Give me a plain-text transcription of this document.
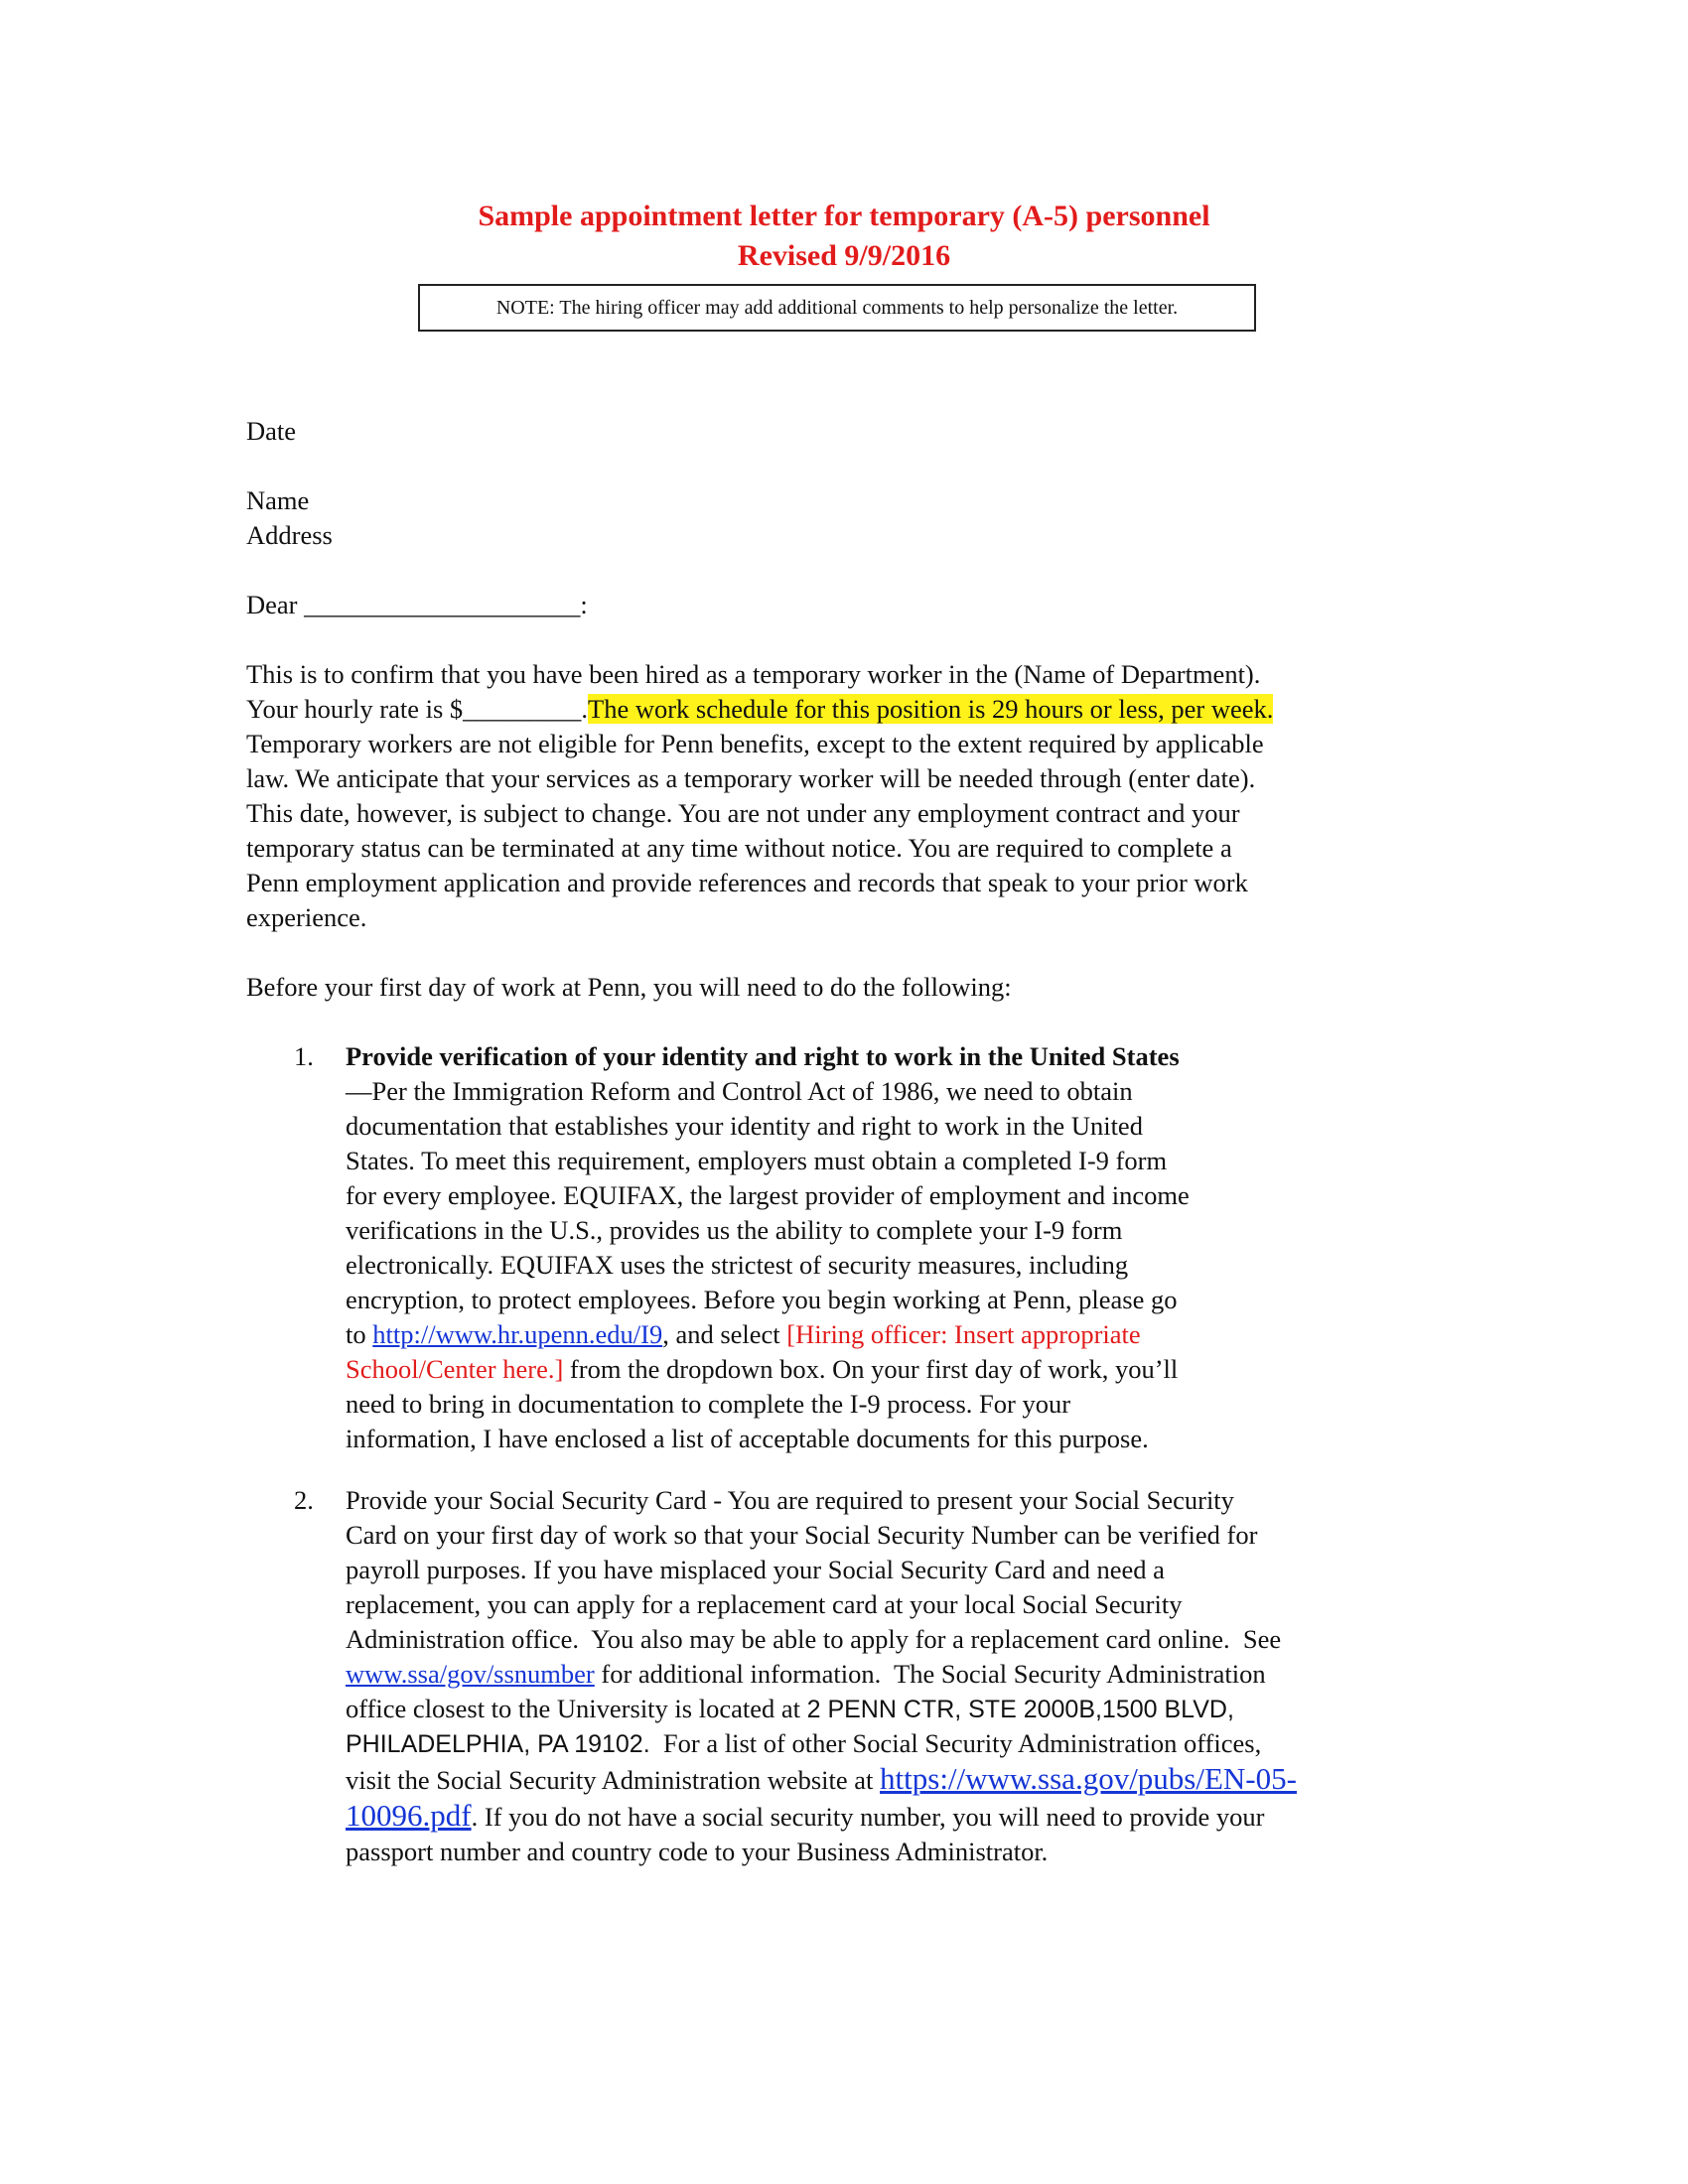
Sample appointment letter for temporary (A-5) personnel
Revised 9/9/2016
NOTE: The hiring officer may add additional comments to help personalize the letter.
Date
Name
Address
Dear _____________________:
This is to confirm that you have been hired as a temporary worker in the (Name of Department).
Your hourly rate is $_________.The work schedule for this position is 29 hours or less, per week.
Temporary workers are not eligible for Penn benefits, except to the extent required by applicable
law. We anticipate that your services as a temporary worker will be needed through (enter date).
This date, however, is subject to change. You are not under any employment contract and your
temporary status can be terminated at any time without notice. You are required to complete a
Penn employment application and provide references and records that speak to your prior work
experience.
Before your first day of work at Penn, you will need to do the following:
1.	Provide verification of your identity and right to work in the United States
—Per the Immigration Reform and Control Act of 1986, we need to obtain
documentation that establishes your identity and right to work in the United
States. To meet this requirement, employers must obtain a completed I-9 form
for every employee. EQUIFAX, the largest provider of employment and income
verifications in the U.S., provides us the ability to complete your I-9 form
electronically. EQUIFAX uses the strictest of security measures, including
encryption, to protect employees. Before you begin working at Penn, please go
to http://www.hr.upenn.edu/I9, and select [Hiring officer: Insert appropriate
School/Center here.] from the dropdown box. On your first day of work, you’ll
need to bring in documentation to complete the I-9 process. For your
information, I have enclosed a list of acceptable documents for this purpose.
2.	Provide your Social Security Card - You are required to present your Social Security
Card on your first day of work so that your Social Security Number can be verified for
payroll purposes. If you have misplaced your Social Security Card and need a
replacement, you can apply for a replacement card at your local Social Security
Administration office.  You also may be able to apply for a replacement card online.  See
www.ssa/gov/ssnumber for additional information.  The Social Security Administration
office closest to the University is located at 2 PENN CTR, STE 2000B,1500 BLVD,
PHILADELPHIA, PA 19102.  For a list of other Social Security Administration offices,
visit the Social Security Administration website at https://www.ssa.gov/pubs/EN-05-
10096.pdf. If you do not have a social security number, you will need to provide your
passport number and country code to your Business Administrator.
